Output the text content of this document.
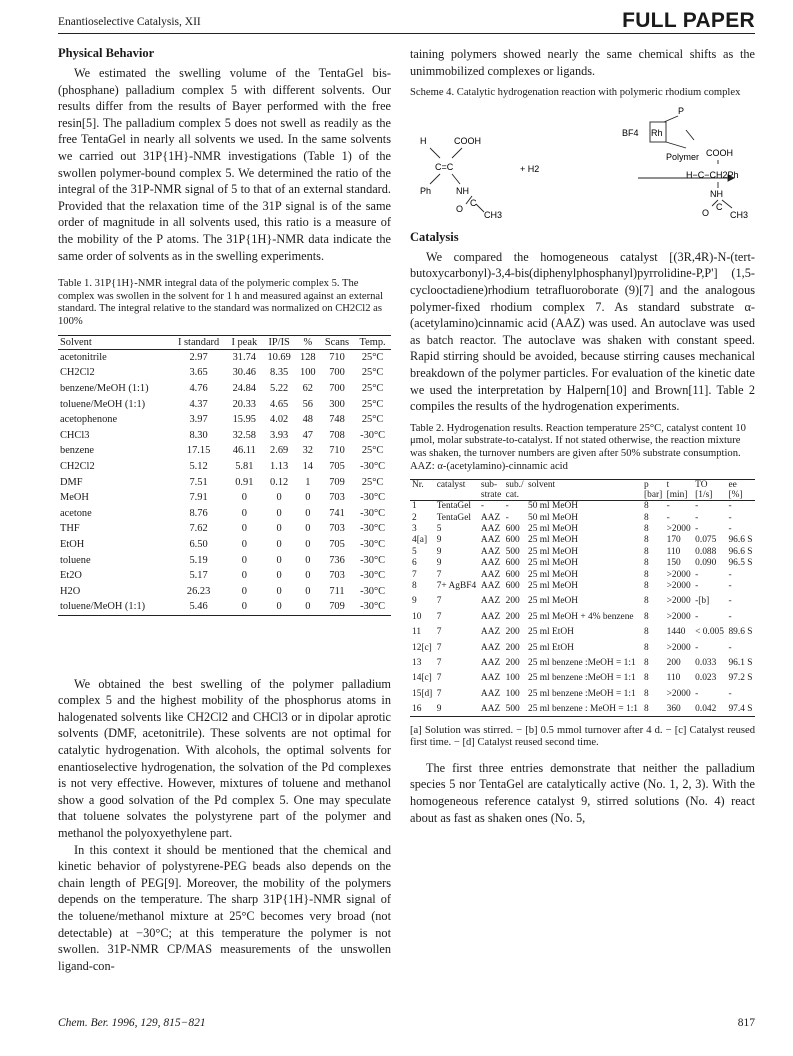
Enantioselective Catalysis, XII	FULL PAPER

Physical Behavior

We estimated the swelling volume of the TentaGel bis-(phosphane) palladium complex 5 with different solvents. Our results differ from the results of Bayer performed with the free resin[5]. The palladium complex 5 does not swell as readily as the free TentaGel in nearly all solvents we used. In the same solvents we carried out 31P{1H}-NMR investigations (Table 1) of the swollen polymer-bound complex 5. We determined the ratio of the integral of the 31P-NMR signal of 5 to that of an external standard. Provided that the relaxation time of the 31P signal is of the same order of magnitude in all solvents used, this ratio is a measure of the mobility of the P atoms. The 31P{1H}-NMR data indicate the same order of solvents as in the swelling experiments.

Table 1. 31P{1H}-NMR integral data of the polymeric complex 5. The complex was swollen in the solvent for 1 h and measured against an external standard. The integral relative to the standard was normalized on CH2Cl2 as 100%

Solvent	I standard	I peak	IP/IS	%	Scans	Temp.
acetonitrile	2.97	31.74	10.69	128	710	25°C
CH2Cl2	3.65	30.46	8.35	100	700	25°C
benzene/MeOH (1:1)	4.76	24.84	5.22	62	700	25°C
toluene/MeOH (1:1)	4.37	20.33	4.65	56	300	25°C
acetophenone	3.97	15.95	4.02	48	748	25°C
CHCl3	8.30	32.58	3.93	47	708	-30°C
benzene	17.15	46.11	2.69	32	710	25°C
CH2Cl2	5.12	5.81	1.13	14	705	-30°C
DMF	7.51	0.91	0.12	1	709	25°C
MeOH	7.91	0	0	0	703	-30°C
acetone	8.76	0	0	0	741	-30°C
THF	7.62	0	0	0	703	-30°C
EtOH	6.50	0	0	0	705	-30°C
toluene	5.19	0	0	0	736	-30°C
Et2O	5.17	0	0	0	703	-30°C
H2O	26.23	0	0	0	711	-30°C
toluene/MeOH (1:1)	5.46	0	0	0	709	-30°C

We obtained the best swelling of the polymer palladium complex 5 and the highest mobility of the phosphorus atoms in halogenated solvents like CH2Cl2 and CHCl3 or in dipolar aprotic solvents (DMF, acetonitrile). These solvents are not optimal for catalytic hydrogenation. With alcohols, the optimal solvents for enantioselective hydrogenation, the solvation of the Pd complexes is not very effective. However, mixtures of toluene and methanol show a good solvation of the Pd complex 5. One may speculate that toluene solvates the polystyrene part of the polymer and methanol the polyoxyethylene part.

In this context it should be mentioned that the chemical and kinetic behavior of polystyrene-PEG beads also depends on the chain length of PEG[9]. Moreover, the mobility of the polymers depends on the temperature. The sharp 31P{1H}-NMR signal of the toluene/methanol mixture at 25°C becomes very broad (not detectable) at −30°C; at this temperature the polymer is not swollen. 31P-NMR CP/MAS measurements of the unswollen ligand-con-

taining polymers showed nearly the same chemical shifts as the unimmobilized complexes or ligands.

Scheme 4. Catalytic hydrogenation reaction with polymeric rhodium complex

H	COOH
C=C
Ph	NH
O
C
CH3
+ H2
BF4 Rh
P
Polymer COOH
H−C−CH2Ph
NH
O
C
CH3

Catalysis

We compared the homogeneous catalyst [(3R,4R)-N-(tert-butoxycarbonyl)-3,4-bis(diphenylphosphanyl)pyrrolidine-P,P'] (1,5-cyclooctadiene)rhodium tetrafluoroborate (9)[7] and the analogous polymer-fixed rhodium complex 7. As standard substrate α-(acetylamino)cinnamic acid (AAZ) was used. An autoclave was used as batch reactor. The autoclave was shaken with constant speed. Rapid stirring should be avoided, because stirring causes mechanical breakdown of the polymer particles. For evaluation of the kinetic date we used the interpretation by Halpern[10] and Brown[11]. Table 2 compiles the results of the hydrogenation experiments.

Table 2. Hydrogenation results. Reaction temperature 25°C, catalyst content 10 μmol, molar substrate-to-catalyst. If not stated otherwise, the reaction mixture was shaken, the turnover numbers are given after 50% substrate consumption. AAZ: α-(acetylamino)-cinnamic acid

Nr.	catalyst	sub-	sub./	solvent	p	t	TO	ee
		strate	cat.		[bar]	[min]	[1/s]	[%]
1	TentaGel	-	-	50 ml MeOH	8	-	-	-
2	TentaGel	AAZ	-	50 ml MeOH	8	-	-	-
3	5	AAZ	600	25 ml MeOH	8	>2000	-	-
4[a]	9	AAZ	600	25 ml MeOH	8	170	0.075	96.6 S
5	9	AAZ	500	25 ml MeOH	8	110	0.088	96.6 S
6	9	AAZ	600	25 ml MeOH	8	150	0.090	96.5 S
7	7	AAZ	600	25 ml MeOH	8	>2000	-	-
8	7+ AgBF4	AAZ	600	25 ml MeOH	8	>2000	-	-
9	7	AAZ	200	25 ml MeOH	8	>2000	-[b]	-
10	7	AAZ	200	25 ml MeOH + 4% benzene	8	>2000	-	-
11	7	AAZ	200	25 ml EtOH	8	1440	< 0.005	89.6 S
12[c]	7	AAZ	200	25 ml EtOH	8	>2000	-	-
13	7	AAZ	200	25 ml benzene :MeOH = 1:1	8	200	0.033	96.1 S
14[c]	7	AAZ	100	25 ml benzene :MeOH = 1:1	8	110	0.023	97.2 S
15[d]	7	AAZ	100	25 ml benzene :MeOH = 1:1	8	>2000	-	-
16	9	AAZ	500	25 ml benzene : MeOH = 1:1	8	360	0.042	97.4 S

[a] Solution was stirred. − [b] 0.5 mmol turnover after 4 d. − [c] Catalyst reused first time. − [d] Catalyst reused second time.

The first three entries demonstrate that neither the palladium species 5 nor TentaGel are catalytically active (No. 1, 2, 3). With the homogeneous reference catalyst 9, stirred solutions (No. 4) react about as fast as shaken ones (No. 5,

Chem. Ber. 1996, 129, 815−821	817
